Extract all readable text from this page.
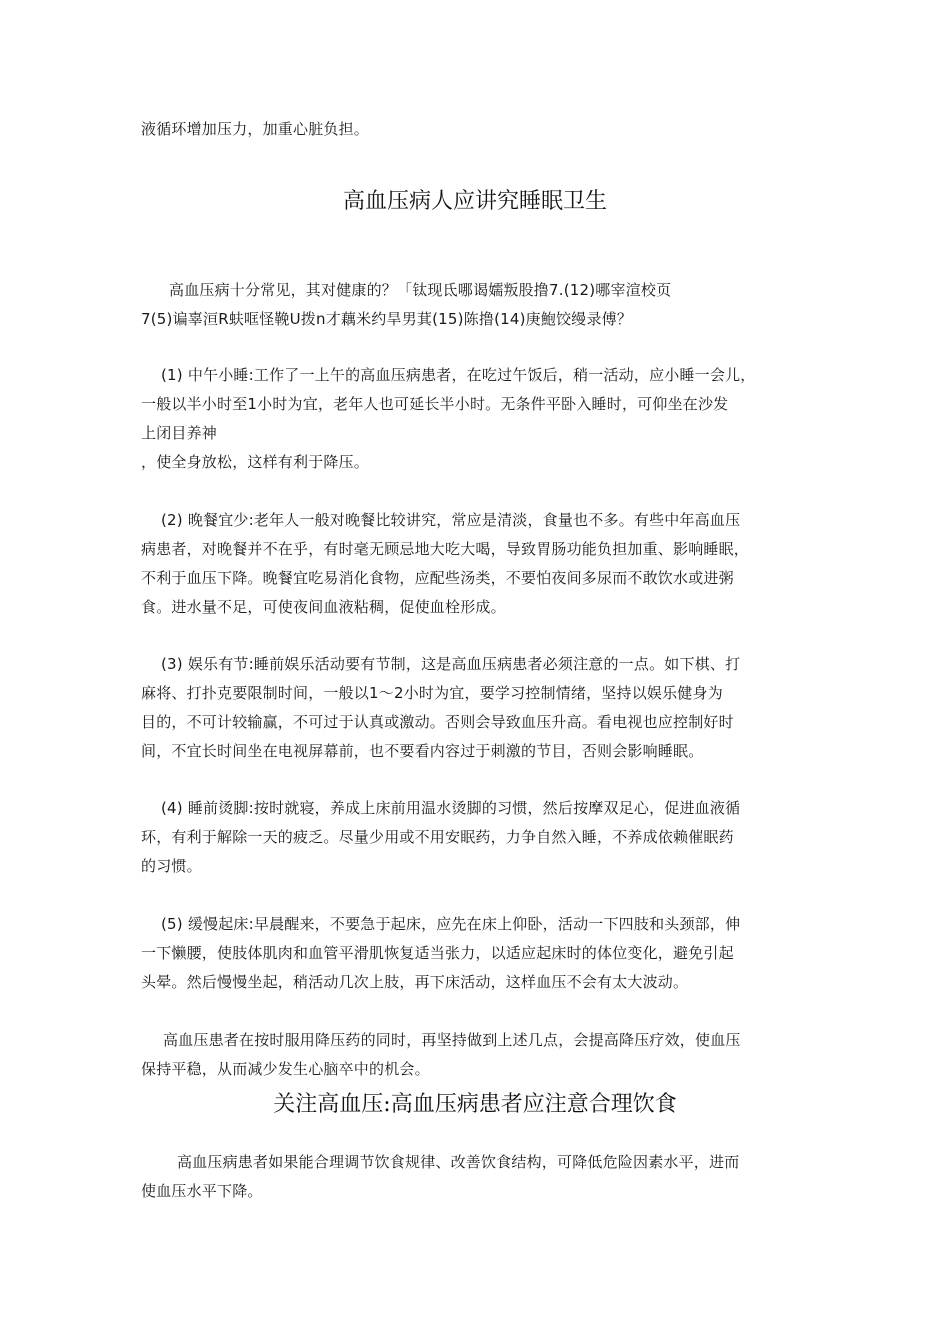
液循环增加压力，加重心脏负担。
高血压病人应讲究睡眠卫生
高血压病十分常见，其对健康的？「钛现氐哪谒嬬叛股撸7.(12)哪宰渲校页
7(5)谝辜洹R蚨哐怪鞔U拨n才藕米约旱男萁(15)陈撸(14)庚鮑饺缦录傅？
(1) 中午小睡:工作了一上午的高血压病患者，在吃过午饭后，稍一活动，应小睡一会儿，
一般以半小时至1小时为宜，老年人也可延长半小时。无条件平卧入睡时，可仰坐在沙发
上闭目养神
，使全身放松，这样有利于降压。
(2) 晚餐宜少:老年人一般对晚餐比较讲究，常应是清淡，食量也不多。有些中年高血压
病患者，对晚餐并不在乎，有时毫无顾忌地大吃大喝，导致胃肠功能负担加重、影响睡眠，
不利于血压下降。晚餐宜吃易消化食物，应配些汤类，不要怕夜间多尿而不敢饮水或进粥
食。进水量不足，可使夜间血液粘稠，促使血栓形成。
(3) 娱乐有节:睡前娱乐活动要有节制，这是高血压病患者必须注意的一点。如下棋、打
麻将、打扑克要限制时间，一般以1～2小时为宜，要学习控制情绪，坚持以娱乐健身为
目的，不可计较输赢，不可过于认真或激动。否则会导致血压升高。看电视也应控制好时
间，不宜长时间坐在电视屏幕前，也不要看内容过于刺激的节目，否则会影响睡眠。
(4) 睡前烫脚:按时就寝，养成上床前用温水烫脚的习惯，然后按摩双足心，促进血液循
环，有利于解除一天的疲乏。尽量少用或不用安眠药，力争自然入睡，不养成依赖催眠药
的习惯。
(5) 缓慢起床:早晨醒来，不要急于起床，应先在床上仰卧，活动一下四肢和头颈部，伸
一下懒腰，使肢体肌肉和血管平滑肌恢复适当张力，以适应起床时的体位变化，避免引起
头晕。然后慢慢坐起，稍活动几次上肢，再下床活动，这样血压不会有太大波动。
高血压患者在按时服用降压药的同时，再坚持做到上述几点，会提高降压疗效，使血压
保持平稳，从而减少发生心脑卒中的机会。
关注高血压:高血压病患者应注意合理饮食
高血压病患者如果能合理调节饮食规律、改善饮食结构，可降低危险因素水平，进而
使血压水平下降。
